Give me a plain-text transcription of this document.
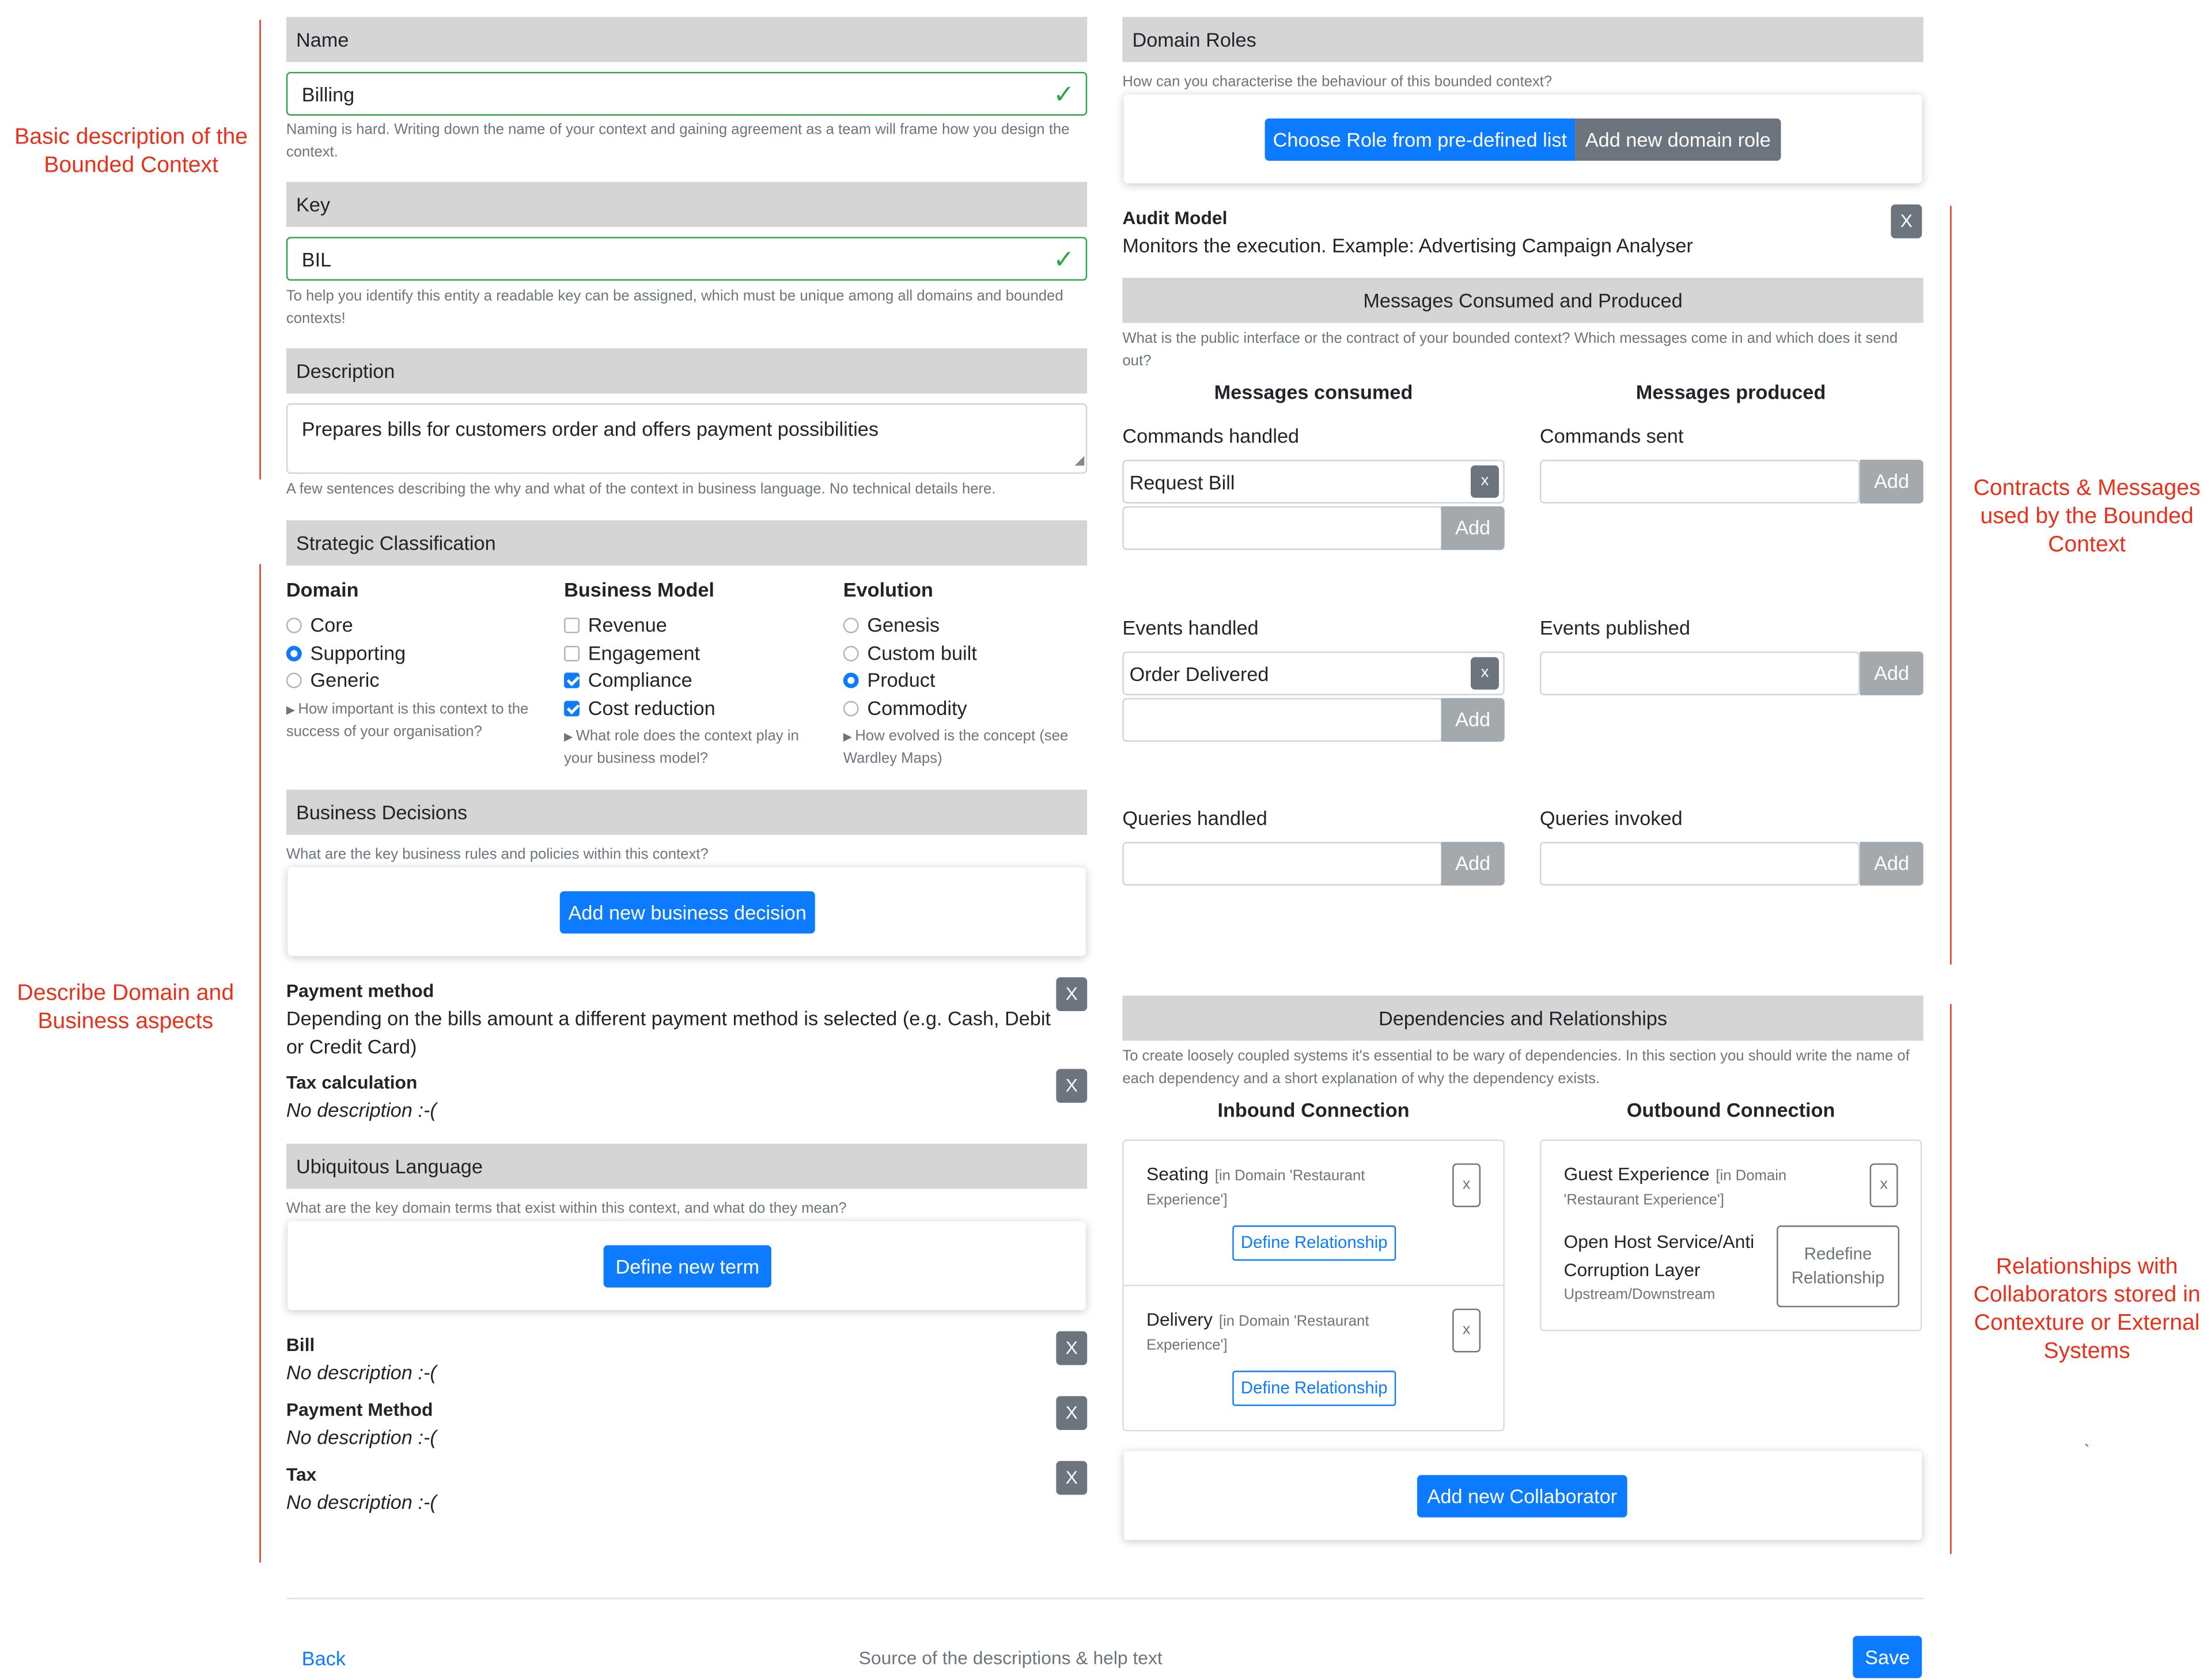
Basic description of the Bounded Context
Describe Domain and Business aspects
Contracts & Messages used by the Bounded Context
Relationships with Collaborators stored in Contexture or External Systems
`
Name
Billing	✓
Naming is hard. Writing down the name of your context and gaining agreement as a team will frame how you design the context.
Key
BIL	✓
To help you identify this entity a readable key can be assigned, which must be unique among all domains and bounded contexts!
Description
Prepares bills for customers order and offers payment possibilities
◢
A few sentences describing the why and what of the context in business language. No technical details here.
Strategic Classification
Domain
Core
Supporting
Generic
▶ How important is this context to the success of your organisation?
Business Model
Revenue
Engagement
Compliance
Cost reduction
▶ What role does the context play in your business model?
Evolution
Genesis
Custom built
Product
Commodity
▶ How evolved is the concept (see Wardley Maps)
Business Decisions
What are the key business rules and policies within this context?
Add new business decision
Payment method
Depending on the bills amount a different payment method is selected (e.g. Cash, Debit or Credit Card)
X
Tax calculation
No description :-(
X
Ubiquitous Language
What are the key domain terms that exist within this context, and what do they mean?
Define new term
Bill
No description :-(
X
Payment Method
No description :-(
X
Tax
No description :-(
X
Domain Roles
How can you characterise the behaviour of this bounded context?
Choose Role from pre-defined list	Add new domain role
Audit Model
Monitors the execution. Example: Advertising Campaign Analyser
X
Messages Consumed and Produced
What is the public interface or the contract of your bounded context? Which messages come in and which does it send out?
Messages consumed	Messages produced
Commands handled
Request Bill	x
Add
Commands sent
Add
Events handled
Order Delivered	x
Add
Events published
Add
Queries handled
Add
Queries invoked
Add
Dependencies and Relationships
To create loosely coupled systems it's essential to be wary of dependencies. In this section you should write the name of each dependency and a short explanation of why the dependency exists.
Inbound Connection	Outbound Connection
Seating [in Domain 'Restaurant Experience']
x
Define Relationship
Delivery [in Domain 'Restaurant Experience']
x
Define Relationship
Guest Experience [in Domain 'Restaurant Experience']
x
Open Host Service/Anti Corruption Layer
Upstream/Downstream
Redefine Relationship
Add new Collaborator
Back	Source of the descriptions & help text	Save
